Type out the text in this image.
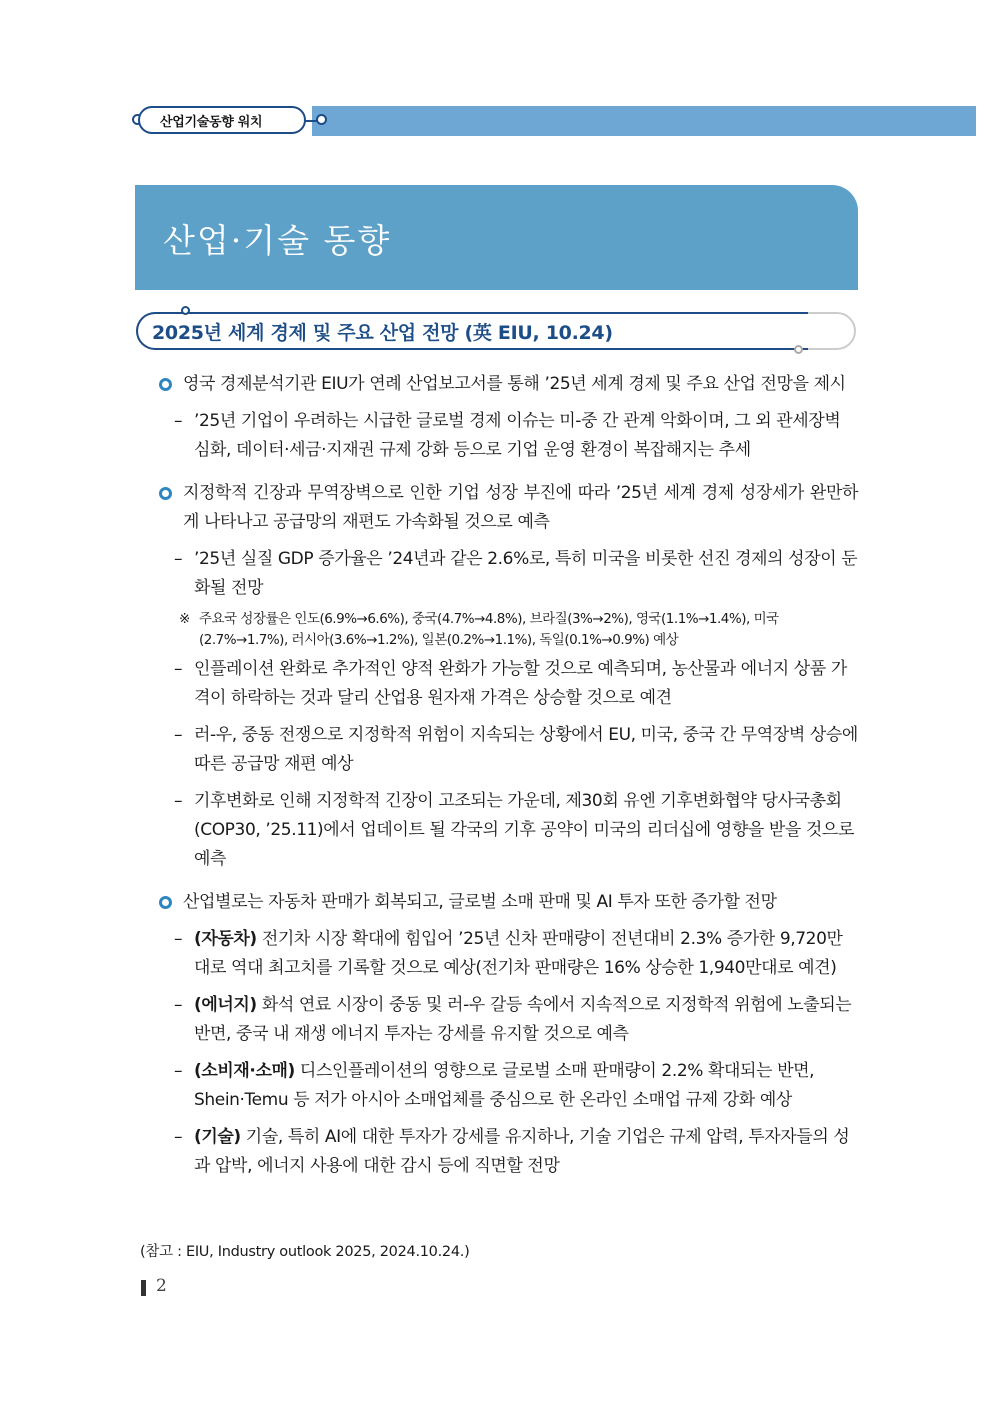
산업기술동향 워치
산업·기술 동향
2025년 세계 경제 및 주요 산업 전망 (英 EIU, 10.24)
영국 경제분석기관 EIU가 연례 산업보고서를 통해 ’25년 세계 경제 및 주요 산업 전망을 제시
– ’25년 기업이 우려하는 시급한 글로벌 경제 이슈는 미-중 간 관계 악화이며, 그 외 관세장벽 심화, 데이터·세금·지재권 규제 강화 등으로 기업 운영 환경이 복잡해지는 추세
지정학적 긴장과 무역장벽으로 인한 기업 성장 부진에 따라 ’25년 세계 경제 성장세가 완만하게 나타나고 공급망의 재편도 가속화될 것으로 예측
– ’25년 실질 GDP 증가율은 ’24년과 같은 2.6%로, 특히 미국을 비롯한 선진 경제의 성장이 둔화될 전망
※ 주요국 성장률은 인도(6.9%→6.6%), 중국(4.7%→4.8%), 브라질(3%→2%), 영국(1.1%→1.4%), 미국(2.7%→1.7%), 러시아(3.6%→1.2%), 일본(0.2%→1.1%), 독일(0.1%→0.9%) 예상
– 인플레이션 완화로 추가적인 양적 완화가 가능할 것으로 예측되며, 농산물과 에너지 상품 가격이 하락하는 것과 달리 산업용 원자재 가격은 상승할 것으로 예견
– 러-우, 중동 전쟁으로 지정학적 위험이 지속되는 상황에서 EU, 미국, 중국 간 무역장벽 상승에 따른 공급망 재편 예상
– 기후변화로 인해 지정학적 긴장이 고조되는 가운데, 제30회 유엔 기후변화협약 당사국총회(COP30, ’25.11)에서 업데이트 될 각국의 기후 공약이 미국의 리더십에 영향을 받을 것으로 예측
산업별로는 자동차 판매가 회복되고, 글로벌 소매 판매 및 AI 투자 또한 증가할 전망
– (자동차) 전기차 시장 확대에 힘입어 ’25년 신차 판매량이 전년대비 2.3% 증가한 9,720만대로 역대 최고치를 기록할 것으로 예상(전기차 판매량은 16% 상승한 1,940만대로 예견)
– (에너지) 화석 연료 시장이 중동 및 러-우 갈등 속에서 지속적으로 지정학적 위험에 노출되는 반면, 중국 내 재생 에너지 투자는 강세를 유지할 것으로 예측
– (소비재·소매) 디스인플레이션의 영향으로 글로벌 소매 판매량이 2.2% 확대되는 반면, Shein·Temu 등 저가 아시아 소매업체를 중심으로 한 온라인 소매업 규제 강화 예상
– (기술) 기술, 특히 AI에 대한 투자가 강세를 유지하나, 기술 기업은 규제 압력, 투자자들의 성과 압박, 에너지 사용에 대한 감시 등에 직면할 전망
(참고 : EIU, Industry outlook 2025, 2024.10.24.)
2
